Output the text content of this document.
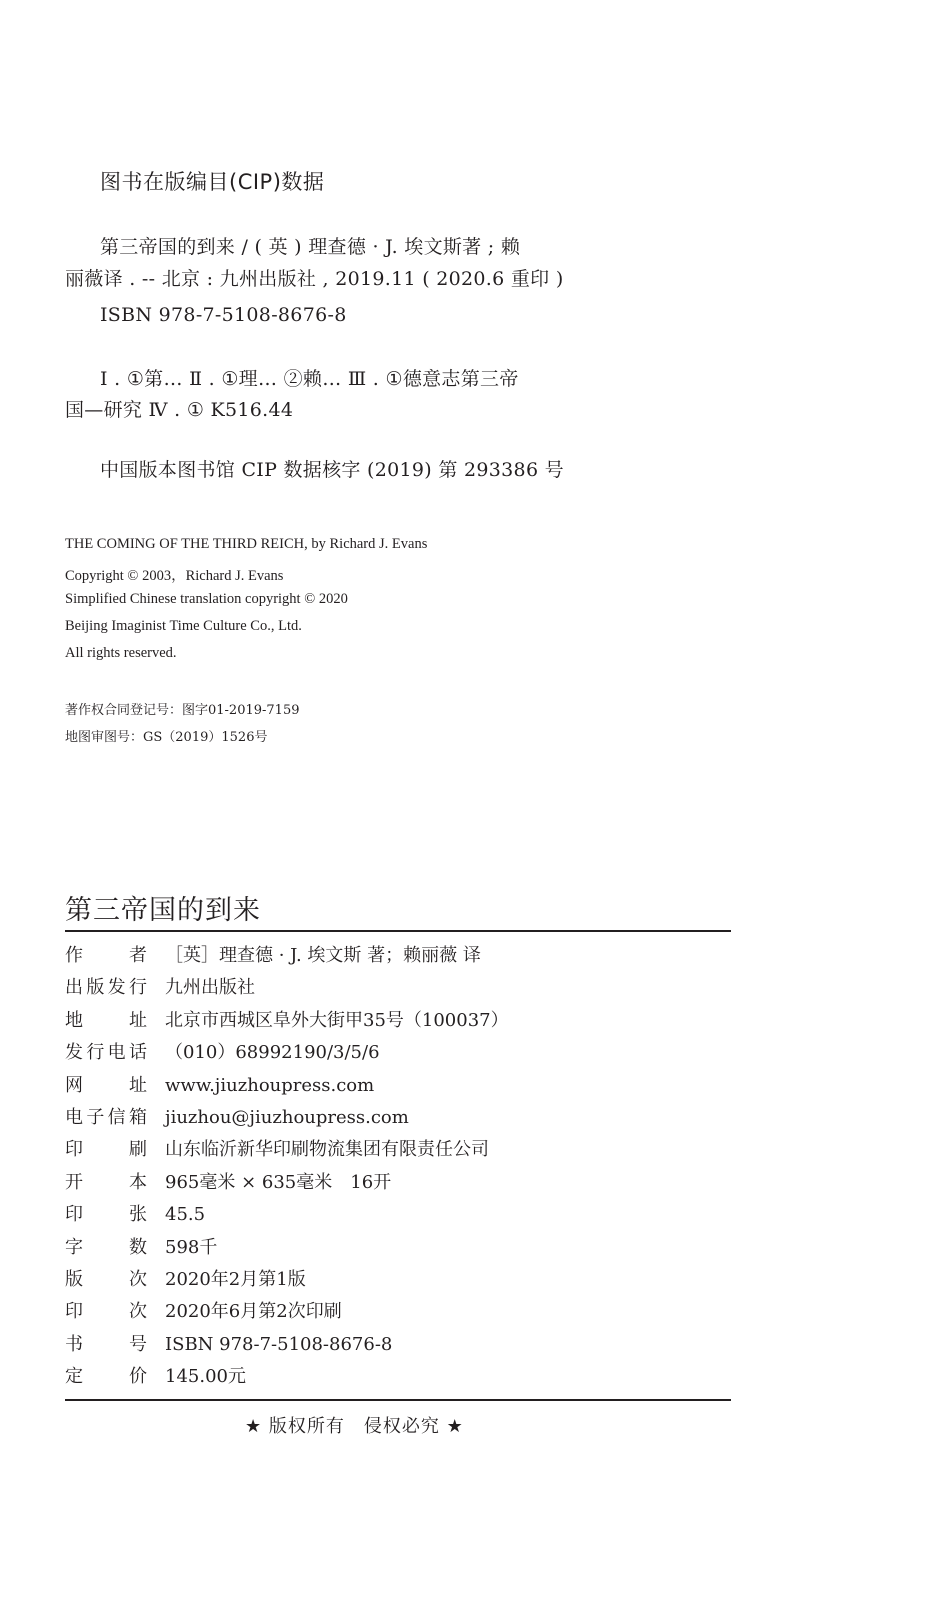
图书在版编目(CIP)数据
第三帝国的到来 / ( 英 ) 理查德 · J. 埃文斯著 ; 赖
丽薇译 . -- 北京 : 九州出版社 , 2019.11 ( 2020.6 重印 )
ISBN 978-7-5108-8676-8
Ⅰ . ①第… Ⅱ . ①理… ②赖… Ⅲ . ①德意志第三帝
国—研究 Ⅳ . ① K516.44
中国版本图书馆 CIP 数据核字 (2019) 第 293386 号
THE COMING OF THE THIRD REICH, by Richard J. Evans
Copyright © 2003，Richard J. Evans
Simplified Chinese translation copyright © 2020
Beijing Imaginist Time Culture Co., Ltd.
All rights reserved.
著作权合同登记号：图字01-2019-7159
地图审图号：GS（2019）1526号
第三帝国的到来
作	者 ［英］理查德 · J. 埃文斯 著；赖丽薇 译
出 版 发 行 九州出版社
地	址 北京市西城区阜外大街甲35号（100037）
发 行 电 话 （010）68992190/3/5/6
网	址 www.jiuzhoupress.com
电 子 信 箱 jiuzhou@jiuzhoupress.com
印	刷 山东临沂新华印刷物流集团有限责任公司
开	本 965毫米 × 635毫米　16开
印	张 45.5
字	数 598千
版	次 2020年2月第1版
印	次 2020年6月第2次印刷
书	号 ISBN 978-7-5108-8676-8
定	价 145.00元
★ 版权所有　侵权必究 ★
